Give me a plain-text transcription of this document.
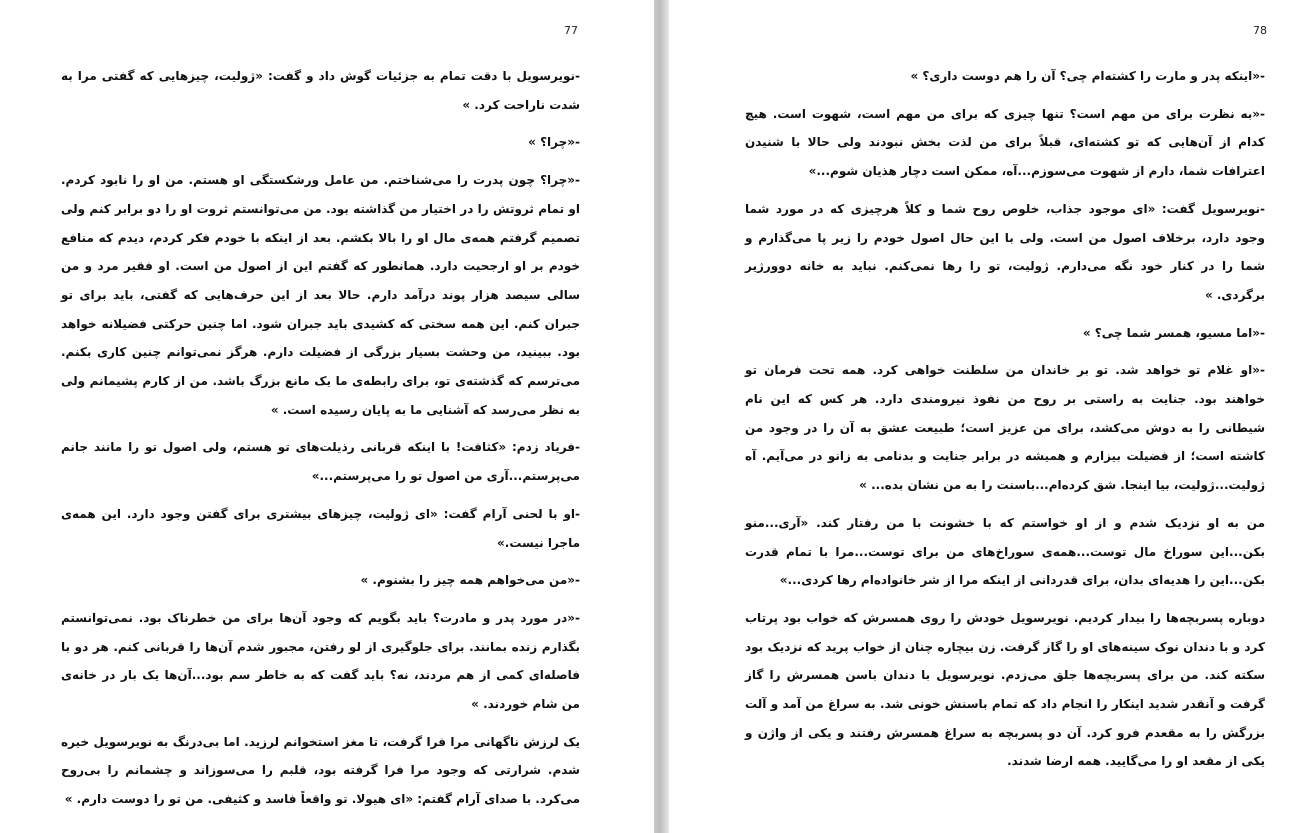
77

-نویرسویل با دقت تمام به جزئیات گوش داد و گفت: «ژولیت، چیزهایی که گفتی مرا به شدت ناراحت کرد. »

-«چرا؟ »

-«چرا؟ چون پدرت را می‌شناختم. من عامل ورشکستگی او هستم. من او را نابود کردم. او تمام ثروتش را در اختیار من گذاشته بود. من می‌توانستم ثروت او را دو برابر کنم ولی تصمیم گرفتم همه‌ی مال او را بالا بکشم. بعد از اینکه با خودم فکر کردم، دیدم که منافع خودم بر او ارجحیت دارد. همانطور که گفتم این از اصول من است. او فقیر مرد و من سالی سیصد هزار پوند درآمد دارم. حالا بعد از این حرف‌هایی که گفتی، باید برای تو جبران کنم. این همه سختی که کشیدی باید جبران شود. اما چنین حرکتی فضیلانه خواهد بود. ببینید، من وحشت بسیار بزرگی از فضیلت دارم. هرگز نمی‌توانم چنین کاری بکنم. می‌ترسم که گذشته‌ی تو، برای رابطه‌ی ما یک مانع بزرگ باشد. من از کارم پشیمانم ولی به نظر می‌رسد که آشنایی ما به پایان رسیده است. »

-فریاد زدم: «کثافت! با اینکه قربانی رذیلت‌های تو هستم، ولی اصول تو را مانند جانم می‌پرستم...آری من اصول تو را می‌پرستم...»

-او با لحنی آرام گفت: «ای ژولیت، چیزهای بیشتری برای گفتن وجود دارد. این همه‌ی ماجرا نیست.»

-«من می‌خواهم همه چیز را بشنوم. »

-«در مورد پدر و مادرت؟ باید بگویم که وجود آن‌ها برای من خطرناک بود. نمی‌توانستم بگذارم زنده بمانند. برای جلوگیری از لو رفتن، مجبور شدم آن‌ها را قربانی کنم. هر دو با فاصله‌ای کمی از هم مردند، نه؟ باید گفت که به خاطر سم بود...آن‌ها یک بار در خانه‌ی من شام خوردند. »

یک لرزش ناگهانی مرا فرا گرفت، تا مغز استخوانم لرزید. اما بی‌درنگ به نویرسویل خیره شدم. شرارتی که وجود مرا فرا گرفته بود، قلبم را می‌سوزاند و چشمانم را بی‌روح می‌کرد. با صدای آرام گفتم: «ای هیولا. تو واقعاً فاسد و کثیفی. من تو را دوست دارم. »

78

-«اینکه پدر و مارت را کشته‌ام چی؟ آن را هم دوست داری؟ »

-«به نظرت برای من مهم است؟ تنها چیزی که برای من مهم است، شهوت است. هیچ کدام از آن‌هایی که تو کشته‌ای، قبلاً برای من لذت بخش نبودند ولی حالا با شنیدن اعترافات شما، دارم از شهوت می‌سوزم...آه، ممکن است دچار هذیان شوم...»

-نویرسویل گفت: «ای موجود جذاب، خلوص روح شما و کلاً هرچیزی که در مورد شما وجود دارد، برخلاف اصول من است. ولی با این حال اصول خودم را زیر پا می‌گذارم و شما را در کنار خود نگه می‌دارم. ژولیت، تو را رها نمی‌کنم. نباید به خانه دوورژیر برگردی. »

-«اما مسیو، همسر شما چی؟ »

-«او غلام تو خواهد شد. تو بر خاندان من سلطنت خواهی کرد. همه تحت فرمان تو خواهند بود. جنایت به راستی بر روح من نفوذ نیرومندی دارد. هر کس که این نام شیطانی را به دوش می‌کشد، برای من عزیز است؛ طبیعت عشق به آن را در وجود من کاشته است؛ از فضیلت بیزارم و همیشه در برابر جنایت و بدنامی به زانو در می‌آیم. آه ژولیت...ژولیت، بیا اینجا. شق کرده‌ام...باسنت را به من نشان بده... »

من به او نزدیک شدم و از او خواستم که با خشونت با من رفتار کند. «آری...منو بکن...این سوراخ مال توست...همه‌ی سوراخ‌های من برای توست...مرا با تمام قدرت بکن...این را هدیه‌ای بدان، برای قدردانی از اینکه مرا از شر خانواده‌ام رها کردی...»

دوباره پسربچه‌ها را بیدار کردیم. نویرسویل خودش را روی همسرش که خواب بود پرتاب کرد و با دندان نوک سینه‌های او را گاز گرفت. زن بیچاره چنان از خواب پرید که نزدیک بود سکته کند. من برای پسربچه‌ها جلق می‌زدم. نویرسویل با دندان باسن همسرش را گاز گرفت و آنقدر شدید اینکار را انجام داد که تمام باسنش خونی شد. به سراغ من آمد و آلت بزرگش را به مقعدم فرو کرد. آن دو پسربچه به سراغ همسرش رفتند و یکی از واژن و یکی از مقعد او را می‌گایید. همه ارضا شدند.
